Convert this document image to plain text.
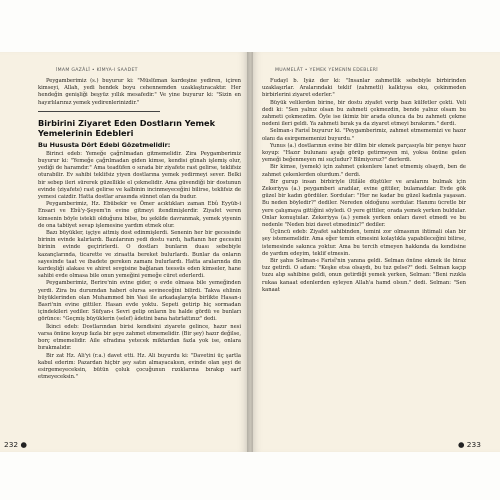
İMAM GAZÂLÎ • KİMYA-I SAADET

Peygamberimiz (s.) buyurur ki: "Müslüman kardeşine yediren, içiren kimseyi, Allah, yedi hendek boyu cehennemden uzaklaştıracaktır. Her hendeğin genişliği beşyüz yıllık mesafedir." Ve yine buyurur ki: "Sizin en hayırlılarınız yemek yedirenlerinizdir."

Birbirini Ziyaret Eden Dostların Yemek Yemelerinin Edebleri
Bu Hususta Dört Edebi Gözetmelidir:

Birinci edeb: Yemeğe çağrılmadan gitmemelidir. Zira Peygamberimiz buyurur ki: "Yemeğe çağrılmadan giden kimse, kendisi günah işlemiş olur, yediği de haramdır." Ama teadüfen o sırada bir ziyafete rast gelirse, teklifsiz oturabilir. Ev sahibi teklifsiz yiyen dostlarına yemek yedirmeyi sever. Belki bir sebep ileri sürerek güzellikle el çekmelidir. Ama güvendiği bir dostunun evinde (ziyafete) rast gelirse ve kalbinin incinmeyeceğini bilirse, teklifsiz de yemesi caizdir. Hatta dostlar arasında sünnet olan da budur.

Peygamberimiz, Hz. Ebübekir ve Ömer acıktıkları zaman Ebû Eyyüb-i Ensari ve Ebû'y-Şeyem'in evine gitmeyi itendimişlerdir. Ziyafet veren kimsenin böyle istekli olduğunu bilse, bu şekilde davranmak, yemek yiyenin de ona tabiiyet sevap işlemesine yardım etmek olur.

Bazı büyükler, işçiye aitmiş dost edinmişlerdi. Senenin her bir gecesinde birinin evinde kalırlardı. Bazılarının yedi dostu vardı, haftanın her gecesini birinin evinde geçirirlerdi. O dostları bunların duası sebebiyle kazançlarında, ticarette ve ziraatta bereket bulurlardı. Bunlar da onların sayesinde taat ve ibadete gereken zamanı bulurlardı. Hatta aralarında din kardeşliği alakası ve ahiret sevgisine bağlanan teessüs eden kimseler, hane sahibi evde olmasa bile onun yemeğini yemeğe cüret ederlerdi.

Peygamberimiz, Berire'nin evine gider, o evde olmasa bile yemeğinden yerdi. Zira bu durumdan haberi olursa sevineceğini bilirdi. Takva ehlinin büyüklerinden olan Muhammed bin Vasi ile arkadaşlarıyla birlikte Hasan-ı Basri'nin evine gittiler. Hasan evde yoktu. Sepeti getirip hiç sormadan içindekileri yediler. Süfyan-ı Sevri gelip onların bu halde gördü ve bunları görünce: "Geçmiş büyüklerin (selef) âdetini bana hatırlattınız" dedi.

İkinci edeb: Dostlarından birisi kendisini ziyarete gelince, hazır nesi varsa önüne koyup fazla bir şeye zahmet etmemelidir. (Bir şey) hazır değilse, borç etmemelidir. Aile efradına yetecek miktardan fazla yok ise, onlara bırakmalıdır.

Bir zat Hz. Ali'yi (r.a.) davet etti. Hz. Ali buyurdu ki: "Davetini üç şartla kabul ederim: Pazardan hiçbir şey satın almayacaksın, evinde olan şeyi de esirgemeyeceksin, bütün çoluk çocuğunun rızıklarına bırakıp sarf etmeyeceksin."

232 ●
MUAMELÂT • YEMEK YEMENİN EDEBLERİ

Fudayl b. İyâz der ki: "İnsanlar zahmetlik sebebiyle birbirinden uzaklaşırlar. Aralarındaki teklif (zahmetli) kalktıysa oku, çekinmeden birbirlerini ziyaret ederler."

Büyük velilerden birine, bir dostu ziyafet verip bazı külfetler çekti. Veli dedi ki: "Sen yalnız olsan bu zahmeti çekmezdin, bende yalnız olsam bu zahmeti çekmezdim. Öyle ise ikimiz bir arada olunca da bu zahmeti çekme nedeni ileri geldi. Ya zahmeti bırak ya da ziyaret etmeyi bırakırım." derdi.

Selman-ı Farisî buyurur ki. "Peygamberimiz, zahmet etmememizi ve hazır olanı da esirgememenizi buyurdu."

Yunus (a.) dostlarının evine bir dilim bir ekmek parçasıyla bir penye hazır koyup: "Hazır bulunanı ayağı görüp getirmeyen mi, yoksa önüne gelen yemeği beğenmeyen mi suçludur? Bilmiyoruz?" derlerdi.

Bir kimse, (yemek) için zahmet çekenlere lanet etmemiş olsaydı, ben de zahmet çekenlerden olurdum." derdi.

Bir gurup insan birbiriyle iltilâle düştüler ve aralarını bulmak için Zekeriyya (a.) peygamberi aradılar, evine gittiler, bulamadılar. Evde gök güzel bir kadın gördüler. Sordular: "Her ne kadar bu güzel kadınla yaşasan. Bu neden böyledir?" dediler. Nereden oldoğunu sordular. Hanımı ücretle bir yere çalışmaya gittiğini söyledi. O yere gittiler, orada yemek yerken buldular. Onlar konuştular. Zekeriyya (a.) yemek yerken onları davet etmedi ve bu nedenle "Neden bizi davet etmediniz?" dediler.

Üçüncü edeb: Ziyafet sahibinden, temini zor olmasının ihtimali olan bir şey istememelidir. Ama eğer temin etmesini kolaylıkla yapabileceğini bilirse, istemesinde sakınca yoktur. Ama bu tercih etmeyen hakkında da kendisine de yardım edeyim, teklif etmesin.

Bir şahıs Selman-ı Farisî'nin yanına geldi. Selman önüne ekmek ile biraz tuz getirdi. O adam: "Keşke etsa olsaydı, bu tuz gelse?" dedi. Selman kaçıp tuzu alıp sahibine geldi, onun getirdiği yemek yerken, Selman: "Beni rızıkla rukaa kanaat edenlerden eyleyen Allah'a hamd olsun." dedi. Selman: "Sen kanaat

● 233
